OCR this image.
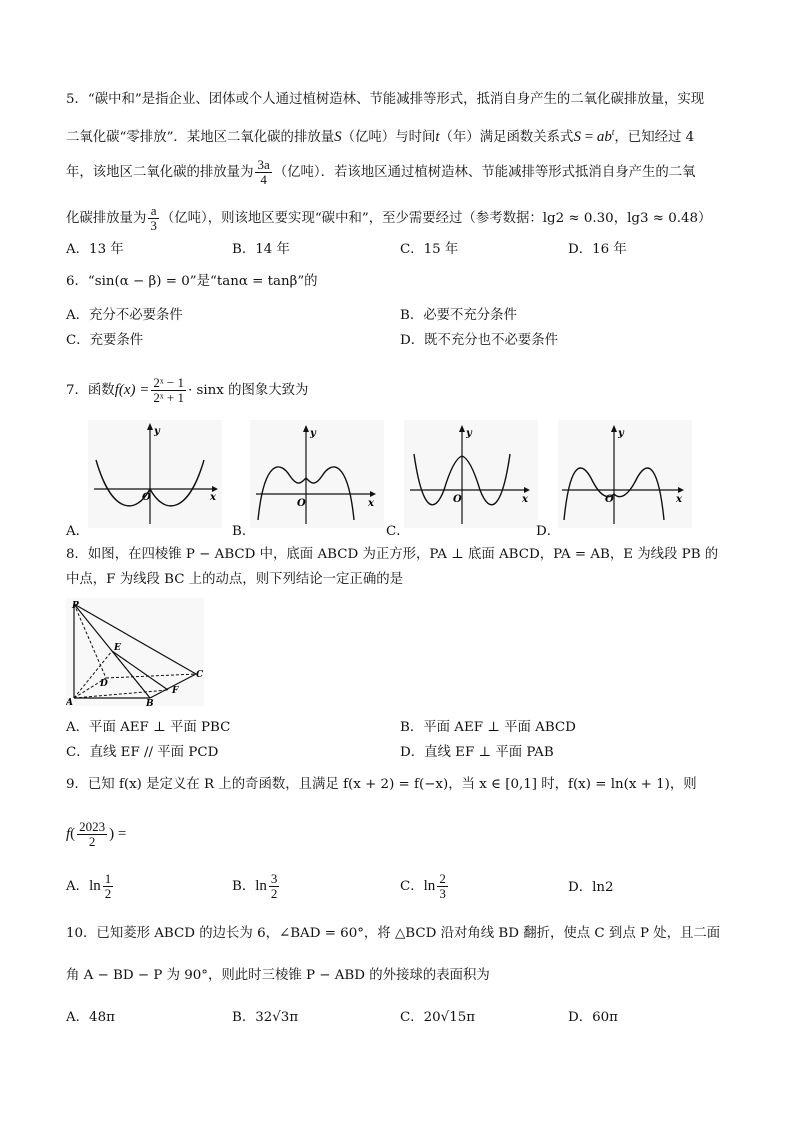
5．“碳中和”是指企业、团体或个人通过植树造林、节能减排等形式，抵消自身产生的二氧化碳排放量，实现
二氧化碳“零排放”．某地区二氧化碳的排放量S（亿吨）与时间t（年）满足函数关系式$S = ab^t$，已知经过 4
年，该地区二氧化碳的排放量为 $\frac{3a}{4}$ （亿吨）．若该地区通过植树造林、节能减排等形式抵消自身产生的二氧
化碳排放量为 $\frac{a}{3}$ （亿吨），则该地区要实现“碳中和”，至少需要经过（参考数据：lg2 ≈ 0.30，lg3 ≈ 0.48）
A．13 年	B．14 年	C．15 年	D．16 年
6．“sin(α − β) = 0”是“tanα = tanβ”的
A．充分不必要条件	B．必要不充分条件
C．充要条件	D．既不充分也不必要条件
7．函数$f(x) = \frac{\text{2ˣ − 1}}{\text{2ˣ + 1}} \cdot \sin x$ 的图象大致为
y
x
O
y
x
O
y
x
O
y
x
O
A．	B．	C．	D．
8．如图，在四棱锥 P − ABCD 中，底面 ABCD 为正方形，PA ⊥ 底面 ABCD，PA = AB，E 为线段 PB 的
中点，F 为线段 BC 上的动点，则下列结论一定正确的是
P
E
D
C
F
A	B
A．平面 AEF ⊥ 平面 PBC	B．平面 AEF ⊥ 平面 ABCD
C．直线 EF // 平面 PCD	D．直线 EF ⊥ 平面 PAB
9．已知 f(x) 是定义在 R 上的奇函数，且满足 f(x + 2) = f(−x)，当 x ∈ [0,1] 时，f(x) = ln(x + 1)，则
$f( \frac{2023}{2}$ ) =
A．$\ln \frac{1}{2}$	B．$\ln \frac{3}{2}$	C．$\ln \frac{2}{3}$	D．ln2
10．已知菱形 ABCD 的边长为 6，∠BAD = 60°，将 △BCD 沿对角线 BD 翻折，使点 C 到点 P 处，且二面
角 A − BD − P 为 90°，则此时三棱锥 P − ABD 的外接球的表面积为
A．48π	B．32√3π	C．20√15π	D．60π
